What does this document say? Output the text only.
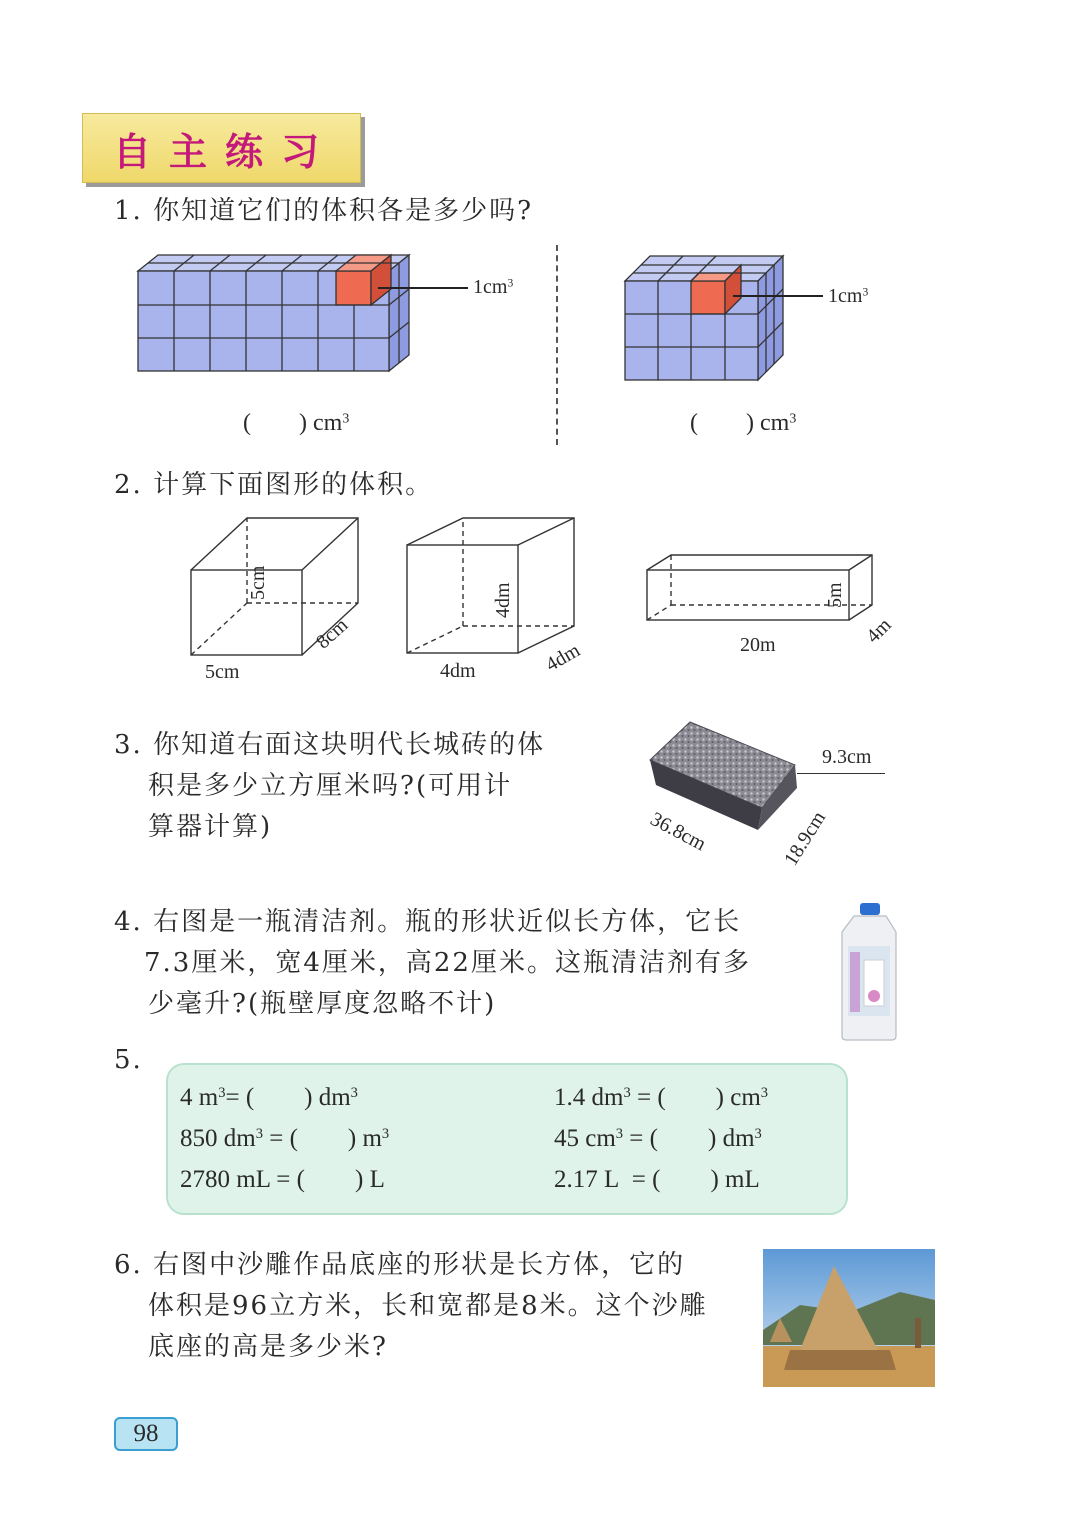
自主练习
1. 你知道它们的体积各是多少吗?
$1cm^3$
(　　) $cm^3$
$1cm^3$
(　　) $cm^3$
2. 计算下面图形的体积。
5cm
8cm
5cm
4dm
4dm
4dm
5m
4m
20m
3. 你知道右面这块明代长城砖的体
积是多少立方厘米吗?(可用计
算器计算)
9.3cm
36.8cm	18.9cm
4. 右图是一瓶清洁剂。瓶的形状近似长方体，它长
7.3厘米，宽4厘米，高22厘米。这瓶清洁剂有多
少毫升?(瓶壁厚度忽略不计)
5.
4 $m^3=$ (　　) $dm^3$	1.4 $dm^3$ = (　　) $cm^3$
850 $dm^3$ = (　　) $m^3$	45 $cm^3$ = (　　) $dm^3$
2780 mL = (　　) L	2.17 L = (　　) mL
6. 右图中沙雕作品底座的形状是长方体，它的
体积是96立方米，长和宽都是8米。这个沙雕
底座的高是多少米?
98
